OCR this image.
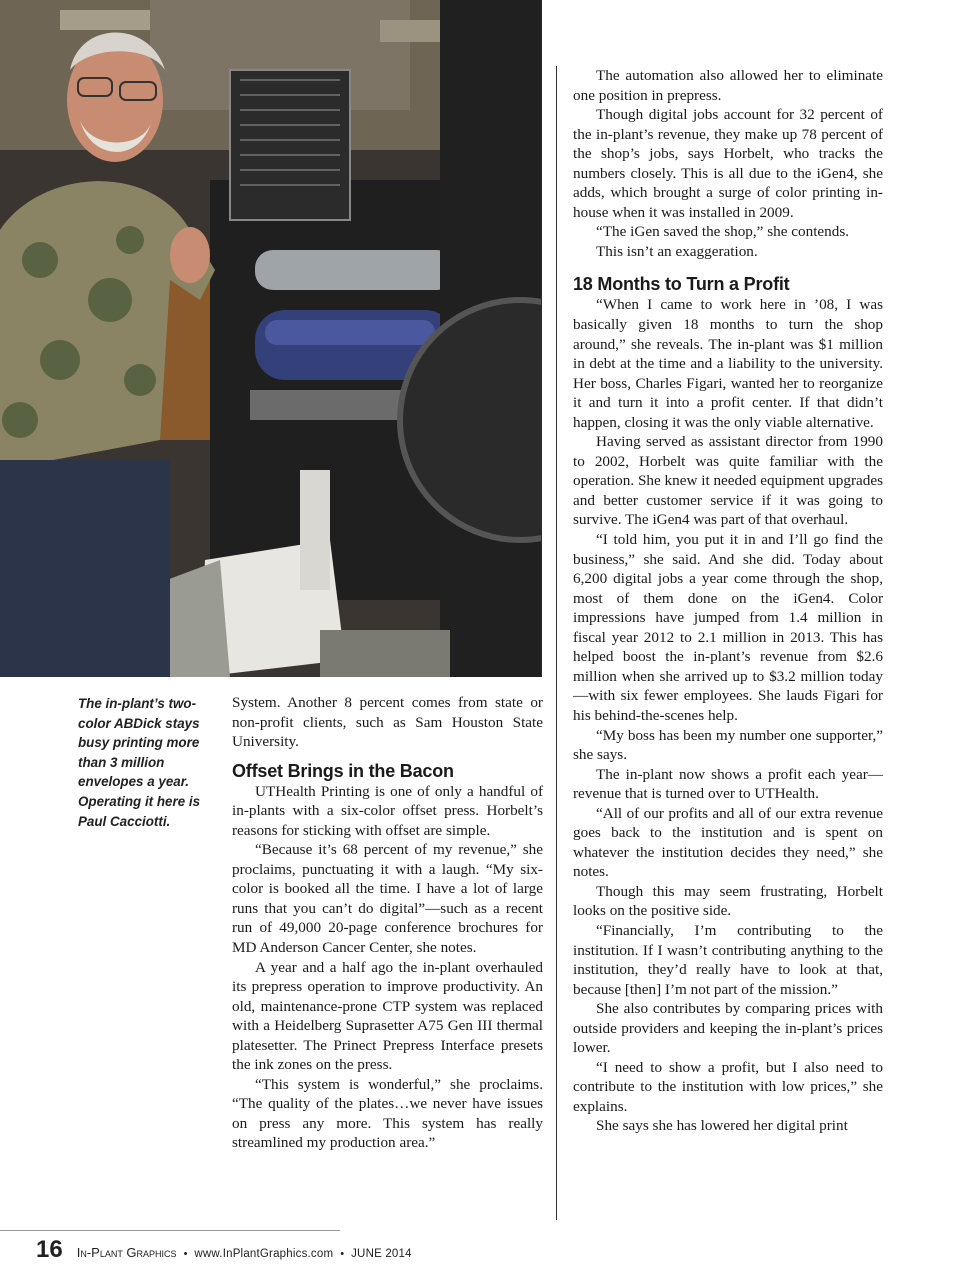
The in-plant’s two-color ABDick stays busy printing more than 3 million envelopes a year. Operating it here is Paul Cacciotti.

System. Another 8 percent comes from state or non-profit clients, such as Sam Houston State University.

Offset Brings in the Bacon

UTHealth Printing is one of only a handful of in-plants with a six-color offset press. Horbelt’s reasons for sticking with offset are simple.

“Because it’s 68 percent of my revenue,” she proclaims, punctuating it with a laugh. “My six-color is booked all the time. I have a lot of large runs that you can’t do digital”—such as a recent run of 49,000 20-page conference brochures for MD Anderson Cancer Center, she notes.

A year and a half ago the in-plant overhauled its prepress operation to improve productivity. An old, maintenance-prone CTP system was replaced with a Heidelberg Suprasetter A75 Gen III thermal platesetter. The Prinect Prepress Interface presets the ink zones on the press.

“This system is wonderful,” she proclaims. “The quality of the plates…we never have issues on press any more. This system has really streamlined my production area.”

The automation also allowed her to eliminate one position in prepress.

Though digital jobs account for 32 percent of the in-plant’s revenue, they make up 78 percent of the shop’s jobs, says Horbelt, who tracks the numbers closely. This is all due to the iGen4, she adds, which brought a surge of color printing in-house when it was installed in 2009.

“The iGen saved the shop,” she contends.

This isn’t an exaggeration.

18 Months to Turn a Profit

“When I came to work here in ’08, I was basically given 18 months to turn the shop around,” she reveals. The in-plant was $1 million in debt at the time and a liability to the university. Her boss, Charles Figari, wanted her to reorganize it and turn it into a profit center. If that didn’t happen, closing it was the only viable alternative.

Having served as assistant director from 1990 to 2002, Horbelt was quite familiar with the operation. She knew it needed equipment upgrades and better customer service if it was going to survive. The iGen4 was part of that overhaul.

“I told him, you put it in and I’ll go find the business,” she said. And she did. Today about 6,200 digital jobs a year come through the shop, most of them done on the iGen4. Color impressions have jumped from 1.4 million in fiscal year 2012 to 2.1 million in 2013. This has helped boost the in-plant’s revenue from $2.6 million when she arrived up to $3.2 million today—with six fewer employees. She lauds Figari for his behind-the-scenes help.

“My boss has been my number one supporter,” she says.

The in-plant now shows a profit each year—revenue that is turned over to UTHealth.

“All of our profits and all of our extra revenue goes back to the institution and is spent on whatever the institution decides they need,” she notes.

Though this may seem frustrating, Horbelt looks on the positive side.

“Financially, I’m contributing to the institution. If I wasn’t contributing anything to the institution, they’d really have to look at that, because [then] I’m not part of the mission.”

She also contributes by comparing prices with outside providers and keeping the in-plant’s prices lower.

“I need to show a profit, but I also need to contribute to the institution with low prices,” she explains.

She says she has lowered her digital print

16 In-Plant Graphics • www.InPlantGraphics.com • JUNE 2014
